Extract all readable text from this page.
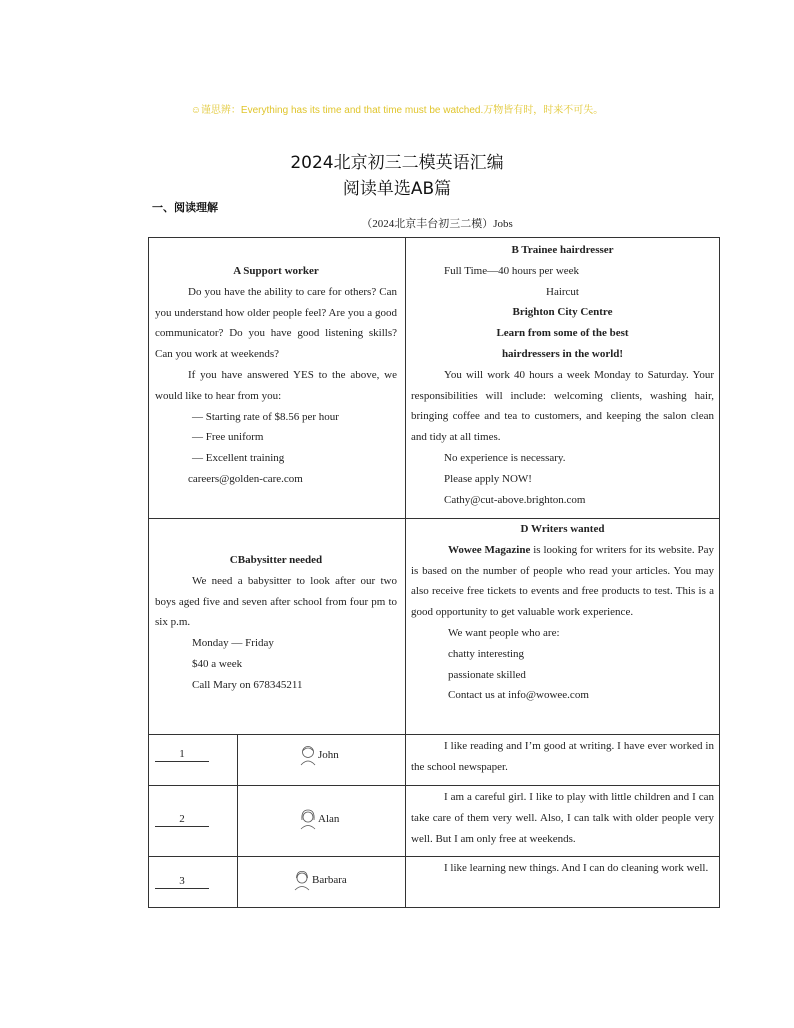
☺谨思辨：Everything has its time and that time must be watched.万物皆有时，时来不可失。
2024北京初三二模英语汇编
阅读单选AB篇
一、阅读理解
（2024北京丰台初三二模）Jobs
A Support worker
Do you have the ability to care for others? Can you understand how older people feel? Are you a good communicator? Do you have good listening skills? Can you work at weekends?
If you have answered YES to the above, we would like to hear from you:
— Starting rate of $8.56 per hour
— Free uniform
— Excellent training
careers@golden-care.com
B Trainee hairdresser
Full Time—40 hours per week
Haircut
Brighton City Centre
Learn from some of the best
hairdressers in the world!
You will work 40 hours a week Monday to Saturday. Your responsibilities will include: welcoming clients, washing hair, bringing coffee and tea to customers, and keeping the salon clean and tidy at all times.
No experience is necessary.
Please apply NOW!
Cathy@cut-above.brighton.com
CBabysitter needed
We need a babysitter to look after our two boys aged five and seven after school from four pm to six p.m.
Monday — Friday
$40 a week
Call Mary on 678345211
D Writers wanted
Wowee Magazine is looking for writers for its website. Pay is based on the number of people who read your articles. You may also receive free tickets to events and free products to test. This is a good opportunity to get valuable work experience.
We want people who are:
chatty interesting
passionate skilled
Contact us at info@wowee.com
1	John
I like reading and I’m good at writing. I have ever worked in the school newspaper.
2	Alan
I am a careful girl. I like to play with little children and I can take care of them very well. Also, I can talk with older people very well. But I am only free at weekends.
3	Barbara
I like learning new things. And I can do cleaning work well.
